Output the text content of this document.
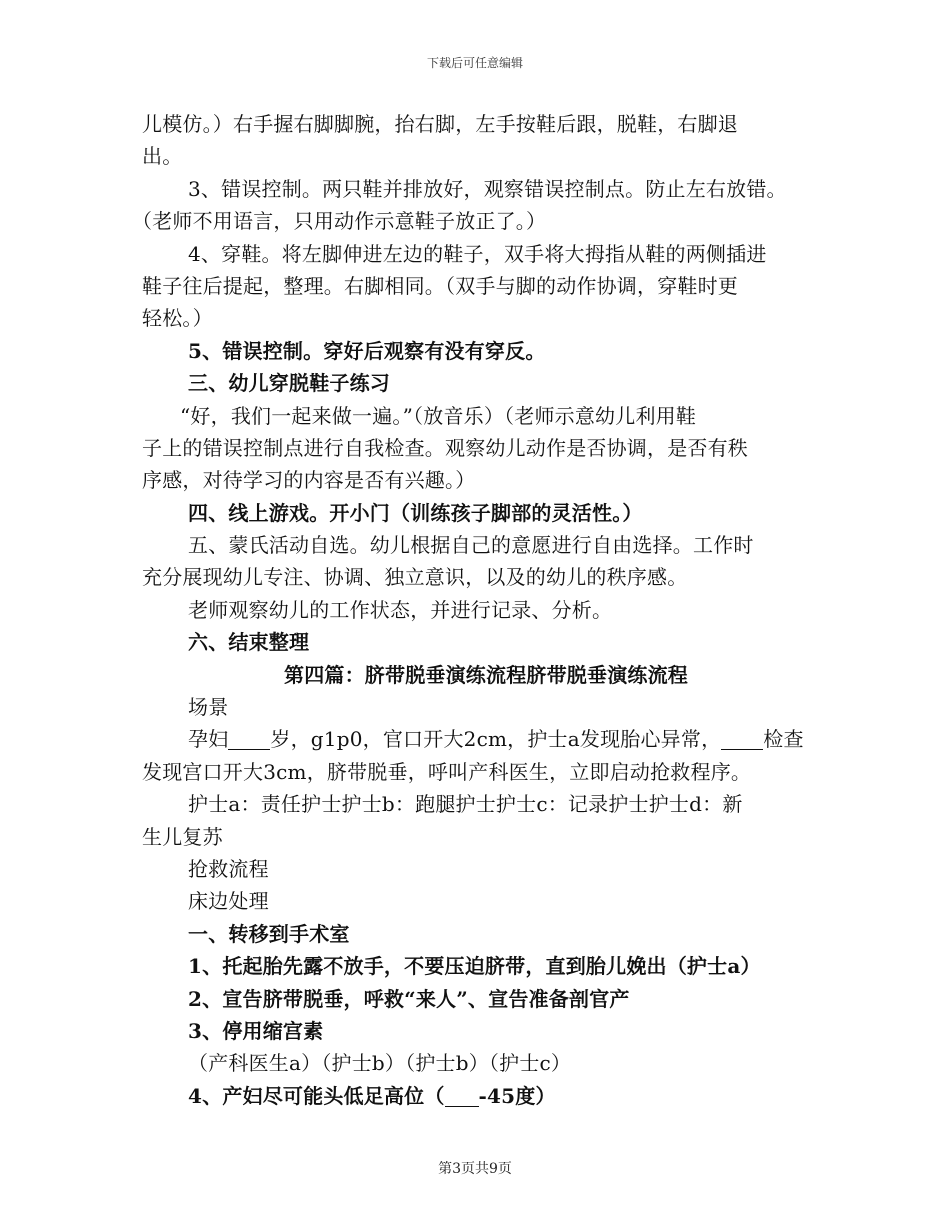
下载后可任意编辑
儿模仿。）右手握右脚脚腕，抬右脚，左手按鞋后跟，脱鞋，右脚退
出。
3、错误控制。两只鞋并排放好，观察错误控制点。防止左右放错。
（老师不用语言，只用动作示意鞋子放正了。）
4、穿鞋。将左脚伸进左边的鞋子，双手将大拇指从鞋的两侧插进
鞋子往后提起，整理。右脚相同。（双手与脚的动作协调，穿鞋时更
轻松。）
5、错误控制。穿好后观察有没有穿反。
三、幼儿穿脱鞋子练习
“好，我们一起来做一遍。”（放音乐）（老师示意幼儿利用鞋
子上的错误控制点进行自我检查。观察幼儿动作是否协调，是否有秩
序感，对待学习的内容是否有兴趣。）
四、线上游戏。开小门（训练孩子脚部的灵活性。）
五、蒙氏活动自选。幼儿根据自己的意愿进行自由选择。工作时
充分展现幼儿专注、协调、独立意识，以及的幼儿的秩序感。
老师观察幼儿的工作状态，并进行记录、分析。
六、结束整理
第四篇：脐带脱垂演练流程脐带脱垂演练流程
场景
孕妇 岁，g1p0，官口开大2cm，护士a发现胎心异常， 检查
发现宫口开大3cm，脐带脱垂，呼叫产科医生，立即启动抢救程序。
护士a：责任护士护士b：跑腿护士护士c：记录护士护士d：新
生儿复苏
抢救流程
床边处理
一、转移到手术室
1、托起胎先露不放手，不要压迫脐带，直到胎儿娩出（护士a）
2、宣告脐带脱垂，呼救“来人”、宣告准备剖官产
3、停用缩宫素
（产科医生a）（护士b）（护士b）（护士c）
4、产妇尽可能头低足高位（ -45度）
第3页共9页
